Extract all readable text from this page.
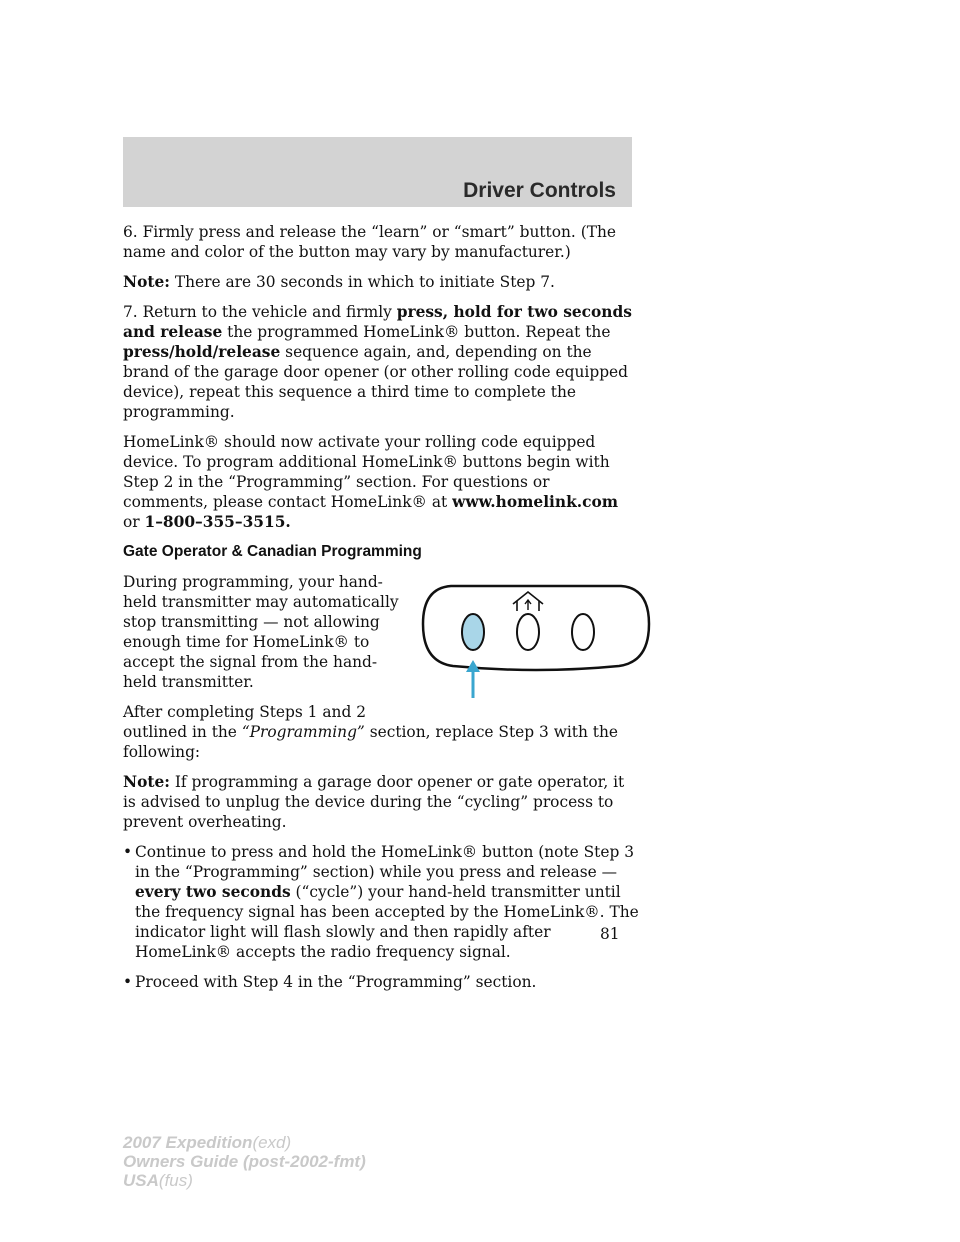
Driver Controls

6. Firmly press and release the “learn” or “smart” button. (The name and color of the button may vary by manufacturer.)

Note: There are 30 seconds in which to initiate Step 7.

7. Return to the vehicle and firmly press, hold for two seconds and release the programmed HomeLink® button. Repeat the press/hold/release sequence again, and, depending on the brand of the garage door opener (or other rolling code equipped device), repeat this sequence a third time to complete the programming.

HomeLink® should now activate your rolling code equipped device. To program additional HomeLink® buttons begin with Step 2 in the “Programming” section. For questions or comments, please contact HomeLink® at www.homelink.com or 1–800–355–3515.

Gate Operator & Canadian Programming

During programming, your hand-held transmitter may automatically stop transmitting — not allowing enough time for HomeLink® to accept the signal from the hand-held transmitter.

After completing Steps 1 and 2 outlined in the “Programming” section, replace Step 3 with the following:

Note: If programming a garage door opener or gate operator, it is advised to unplug the device during the “cycling” process to prevent overheating.

• Continue to press and hold the HomeLink® button (note Step 3 in the “Programming” section) while you press and release — every two seconds (“cycle”) your hand-held transmitter until the frequency signal has been accepted by the HomeLink®. The indicator light will flash slowly and then rapidly after HomeLink® accepts the radio frequency signal.
• Proceed with Step 4 in the “Programming” section.
81
2007 Expedition(exd)
Owners Guide (post-2002-fmt)
USA(fus)
